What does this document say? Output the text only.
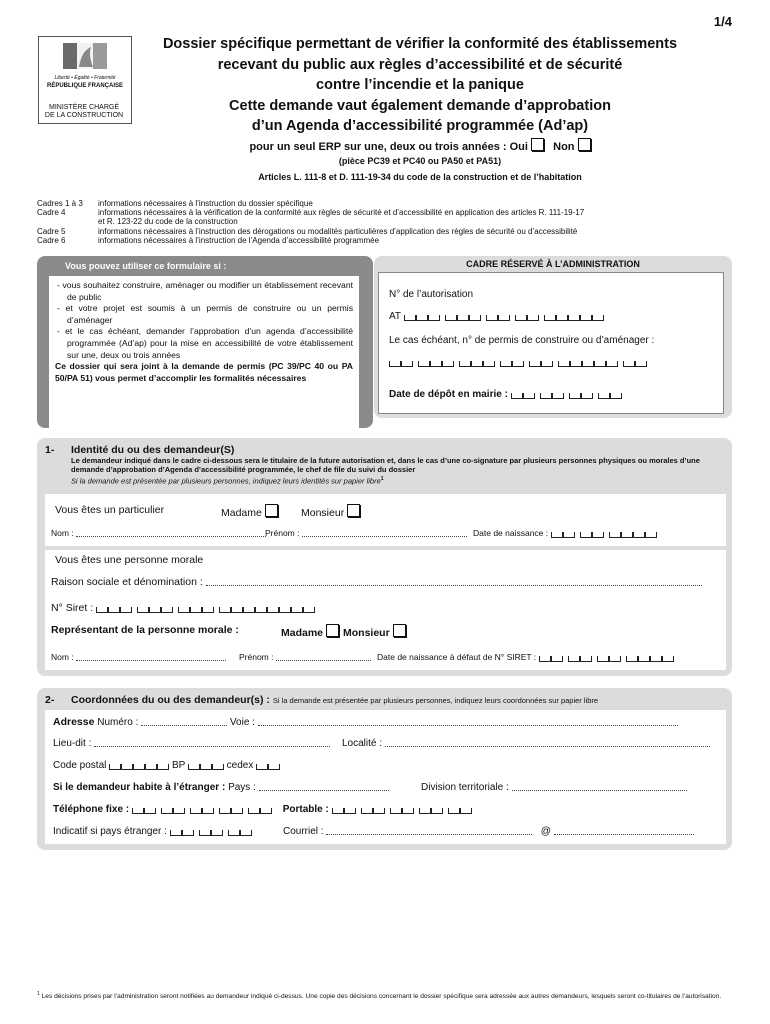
1/4
Liberté • Égalité • Fraternité
RÉPUBLIQUE FRANÇAISE
MINISTÈRE CHARGÉ
DE LA CONSTRUCTION
Dossier spécifique permettant de vérifier la conformité des établissements
recevant du public aux règles d’accessibilité et de sécurité
contre l’incendie et la panique
Cette demande vaut également demande d’approbation
d’un Agenda d’accessibilité programmée (Ad’ap)
pour un seul ERP sur une, deux ou trois années : Oui Non
(pièce PC39 et PC40 ou PA50 et PA51)
Articles L. 111-8 et D. 111-19-34 du code de la construction et de l’habitation
Cadres 1 à 3	informations nécessaires à l’instruction du dossier spécifique
Cadre 4	informations nécessaires à la vérification de la conformité aux règles de sécurité et d’accessibilité en application des articles R. 111-19-17
et R. 123-22 du code de la construction
Cadre 5	informations nécessaires à l’instruction des dérogations ou modalités particulières d’application des règles de sécurité ou d’accessibilité
Cadre 6	informations nécessaires à l’instruction de l’Agenda d’accessibilité programmée
Vous pouvez utiliser ce formulaire si :
- vous souhaitez construire, aménager ou modifier un établissement recevant de public
- et votre projet est soumis à un permis de construire ou un permis d’aménager
- et le cas échéant, demander l’approbation d’un agenda d’accessibilité programmée (Ad’ap) pour la mise en accessibilité de votre établissement sur une, deux ou trois années
Ce dossier qui sera joint à la demande de permis (PC 39/PC 40 ou PA 50/PA 51) vous permet d’accomplir les formalités nécessaires
CADRE RÉSERVÉ À L’ADMINISTRATION
N° de l’autorisation
AT
Le cas échéant, n° de permis de construire ou d’aménager :
Date de dépôt en mairie :
1- Identité du ou des demandeur(S)
Le demandeur indiqué dans le cadre ci-dessous sera le titulaire de la future autorisation et, dans le cas d’une co-signature par plusieurs personnes physiques ou morales d’une demande d’approbation d’Agenda d’accessibilité programmée, le chef de file du suivi du dossier
Si la demande est présentée par plusieurs personnes, indiquez leurs identités sur papier libre$^1$
Vous êtes un particulier	Madame	Monsieur
Nom :	Prénom :	Date de naissance :
Vous êtes une personne morale
Raison sociale et dénomination :
N° Siret :
Représentant de la personne morale :	Madame	Monsieur
Nom :	Prénom :	Date de naissance à défaut de N° SIRET :
2- Coordonnées du ou des demandeur(s) : Si la demande est présentée par plusieurs personnes, indiquez leurs coordonnées sur papier libre
Adresse Numéro :	Voie :
Lieu-dit :	Localité :
Code postal	BP	cedex
Si le demandeur habite à l’étranger : Pays :	Division territoriale :
Téléphone fixe :	Portable :
Indicatif si pays étranger :	Courriel :	@
$^1$ Les décisions prises par l’administration seront notifiées au demandeur indiqué ci-dessus. Une copie des décisions concernant le dossier spécifique sera adressée aux autres demandeurs, lesquels seront co-titulaires de l’autorisation.
